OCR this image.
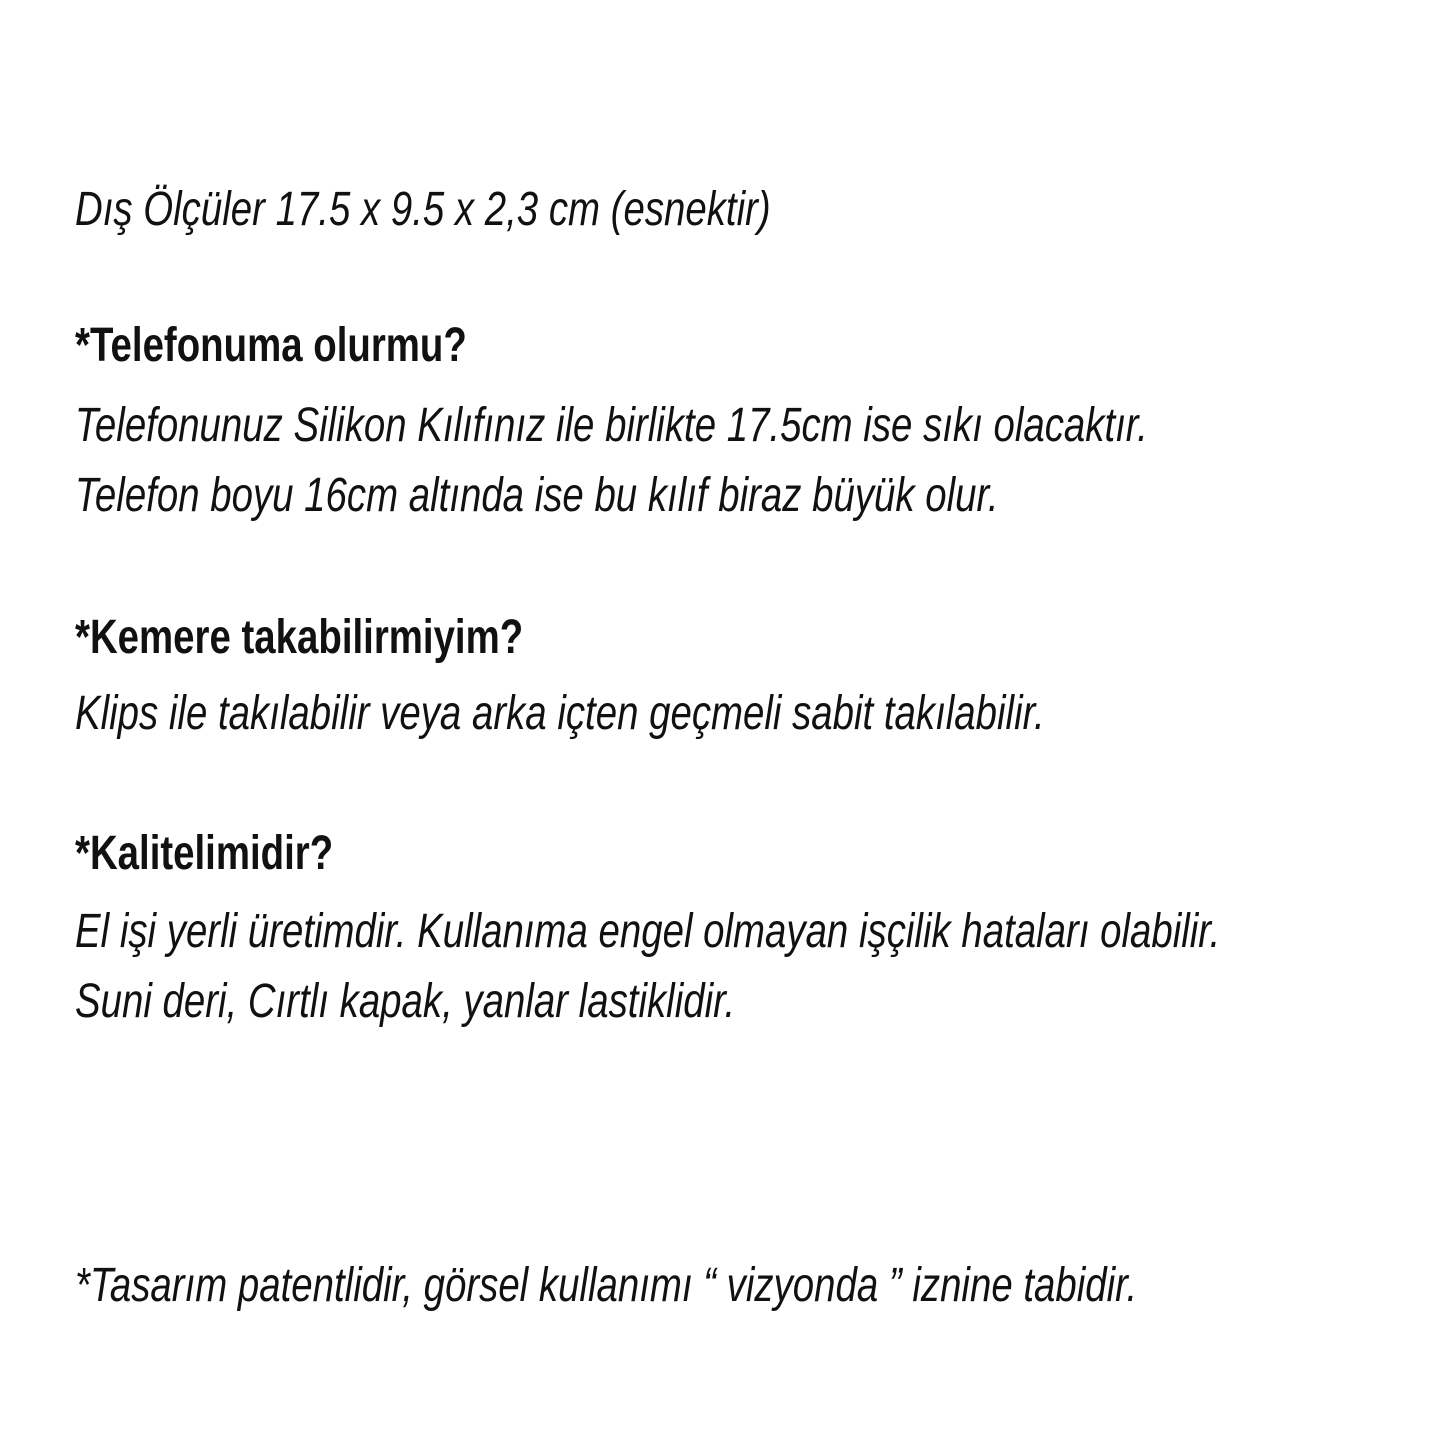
Dış Ölçüler 17.5 x 9.5 x 2,3 cm (esnektir)
*Telefonuma olurmu?
Telefonunuz Silikon Kılıfınız ile birlikte 17.5cm ise sıkı olacaktır.
Telefon boyu 16cm altında ise bu kılıf biraz büyük olur.
*Kemere takabilirmiyim?
Klips ile takılabilir veya arka içten geçmeli sabit takılabilir.
*Kalitelimidir?
El işi yerli üretimdir. Kullanıma engel olmayan işçilik hataları olabilir.
Suni deri, Cırtlı kapak, yanlar lastiklidir.
*Tasarım patentlidir, görsel kullanımı “ vizyonda ” iznine tabidir.
